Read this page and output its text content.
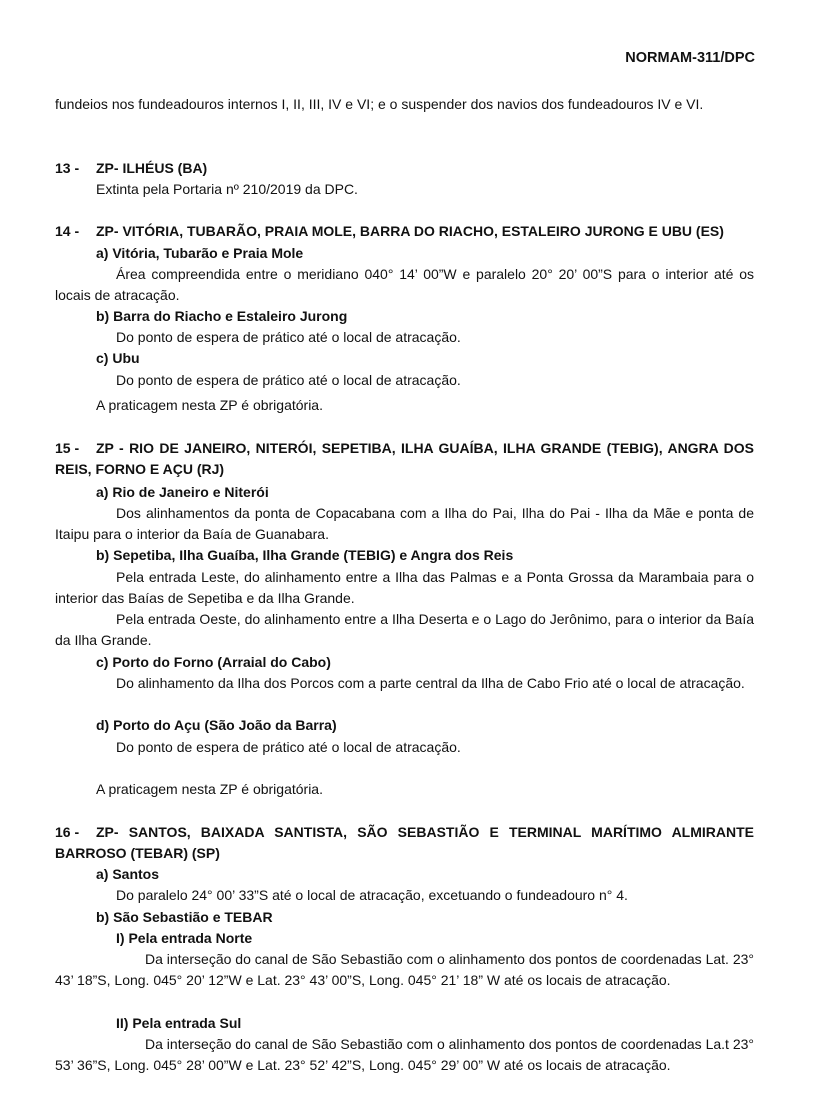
NORMAM-311/DPC
fundeios nos fundeadouros internos I, II, III, IV e VI; e o suspender dos navios dos fundeadouros IV e VI.
13 - ZP- ILHÉUS (BA)
Extinta pela Portaria nº 210/2019 da DPC.
14 - ZP- VITÓRIA, TUBARÃO, PRAIA MOLE, BARRA DO RIACHO, ESTALEIRO JURONG E UBU (ES)
a) Vitória, Tubarão e Praia Mole
Área compreendida entre o meridiano 040° 14’ 00”W e paralelo 20° 20’ 00”S para o interior até os locais de atracação.
b) Barra do Riacho e Estaleiro Jurong
Do ponto de espera de prático até o local de atracação.
c) Ubu
Do ponto de espera de prático até o local de atracação.
A praticagem nesta ZP é obrigatória.
15 - ZP - RIO DE JANEIRO, NITERÓI, SEPETIBA, ILHA GUAÍBA, ILHA GRANDE (TEBIG), ANGRA DOS REIS, FORNO E AÇU (RJ)
a) Rio de Janeiro e Niterói
Dos alinhamentos da ponta de Copacabana com a Ilha do Pai, Ilha do Pai - Ilha da Mãe e ponta de Itaipu para o interior da Baía de Guanabara.
b) Sepetiba, Ilha Guaíba, Ilha Grande (TEBIG) e Angra dos Reis
Pela entrada Leste, do alinhamento entre a Ilha das Palmas e a Ponta Grossa da Marambaia para o interior das Baías de Sepetiba e da Ilha Grande.
Pela entrada Oeste, do alinhamento entre a Ilha Deserta e o Lago do Jerônimo, para o interior da Baía da Ilha Grande.
c) Porto do Forno (Arraial do Cabo)
Do alinhamento da Ilha dos Porcos com a parte central da Ilha de Cabo Frio até o local de atracação.
d) Porto do Açu (São João da Barra)
Do ponto de espera de prático até o local de atracação.
A praticagem nesta ZP é obrigatória.
16 - ZP- SANTOS, BAIXADA SANTISTA, SÃO SEBASTIÃO E TERMINAL MARÍTIMO ALMIRANTE BARROSO (TEBAR) (SP)
a) Santos
Do paralelo 24° 00’ 33”S até o local de atracação, excetuando o fundeadouro n° 4.
b) São Sebastião e TEBAR
I) Pela entrada Norte
Da interseção do canal de São Sebastião com o alinhamento dos pontos de coordenadas Lat. 23° 43’ 18”S, Long. 045° 20’ 12”W e Lat. 23° 43’ 00”S, Long. 045° 21’ 18” W até os locais de atracação.
II) Pela entrada Sul
Da interseção do canal de São Sebastião com o alinhamento dos pontos de coordenadas La.t 23° 53’ 36”S, Long. 045° 28’ 00”W e Lat. 23° 52’ 42”S, Long. 045° 29’ 00” W até os locais de atracação.
